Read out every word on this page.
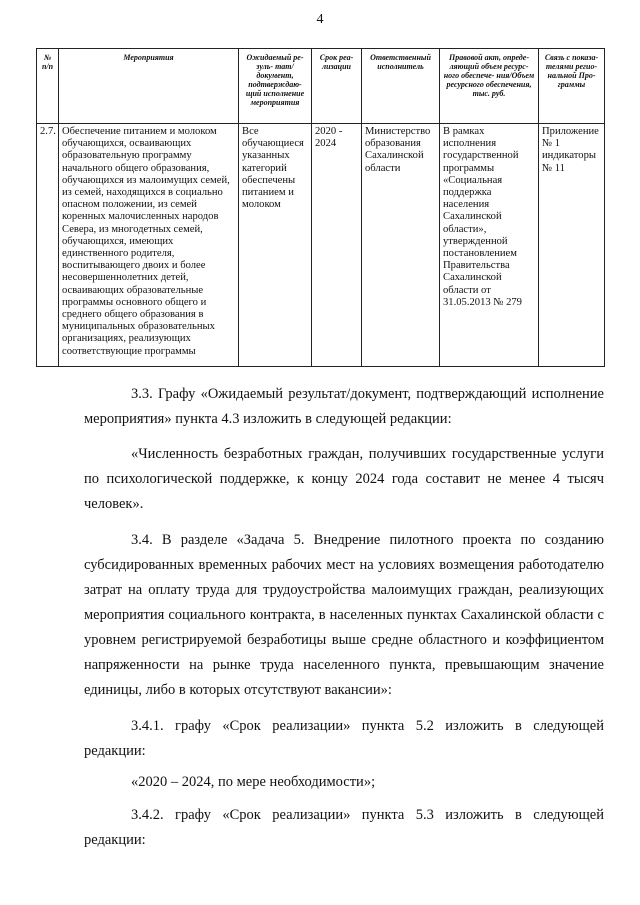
4
№ п/п	Мероприятия	Ожидаемый ре- зуль- тат/документ, подтверждаю- щий исполнение мероприятия	Срок реа- лизации	Ответственный исполнитель	Правовой акт, опреде- ляющий объем ресурс- ного обеспече- ния/Объем ресурсного обеспечения, тыс. руб.	Связь с показа- телями регио- нальной Про- граммы
2.7.	Обеспечение питанием и молоком обучающихся, осваивающих образовательную программу начального общего образования, обучающихся из малоимущих семей, из семей, находящихся в социально опасном положении, из семей коренных малочисленных народов Севера, из многодетных семей, обучающихся, имеющих единственного родителя, воспитывающего двоих и более несовершеннолетних детей, осваивающих образовательные программы основного общего и среднего общего образования в муниципальных образовательных организациях, реализующих соответствующие программы	Все обучающиеся указанных категорий обеспечены питанием и молоком	2020 - 2024	Министерство образования Сахалинской области	В рамках исполнения государственной программы «Социальная поддержка населения Сахалинской области», утвержденной постановлением Правительства Сахалинской области от 31.05.2013 № 279	Приложение № 1 индикаторы № 11

3.3. Графу «Ожидаемый результат/документ, подтверждающий исполнение мероприятия» пункта 4.3 изложить в следующей редакции:

«Численность безработных граждан, получивших государственные услуги по психологической поддержке, к концу 2024 года составит не менее 4 тысяч человек».

3.4. В разделе «Задача 5. Внедрение пилотного проекта по созданию субсидированных временных рабочих мест на условиях возмещения работодателю затрат на оплату труда для трудоустройства малоимущих граждан, реализующих мероприятия социального контракта, в населенных пунктах Сахалинской области с уровнем регистрируемой безработицы выше средне областного и коэффициентом напряженности на рынке труда населенного пункта, превышающим значение единицы, либо в которых отсутствуют вакансии»:

3.4.1. графу «Срок реализации» пункта 5.2 изложить в следующей редакции:

«2020 – 2024, по мере необходимости»;

3.4.2. графу «Срок реализации» пункта 5.3 изложить в следующей редакции:
